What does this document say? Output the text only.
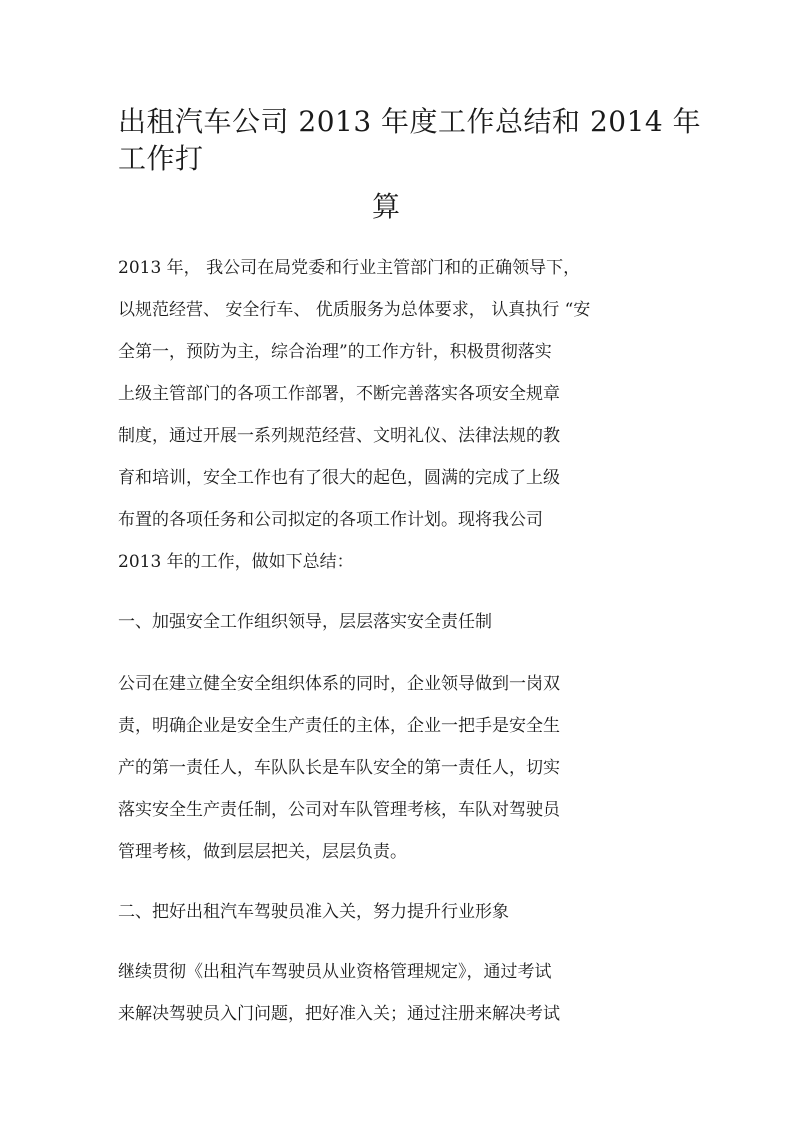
出租汽车公司 2013 年度工作总结和 2014 年
工作打
算
2013 年， 我公司在局党委和行业主管部门和的正确领导下，
以规范经营、 安全行车、 优质服务为总体要求， 认真执行 “安
全第一，预防为主，综合治理”的工作方针，积极贯彻落实
上级主管部门的各项工作部署，不断完善落实各项安全规章
制度，通过开展一系列规范经营、文明礼仪、法律法规的教
育和培训，安全工作也有了很大的起色，圆满的完成了上级
布置的各项任务和公司拟定的各项工作计划。现将我公司
2013 年的工作，做如下总结：
一、加强安全工作组织领导，层层落实安全责任制
公司在建立健全安全组织体系的同时，企业领导做到一岗双
责，明确企业是安全生产责任的主体，企业一把手是安全生
产的第一责任人，车队队长是车队安全的第一责任人，切实
落实安全生产责任制，公司对车队管理考核，车队对驾驶员
管理考核，做到层层把关，层层负责。
二、把好出租汽车驾驶员准入关，努力提升行业形象
继续贯彻《出租汽车驾驶员从业资格管理规定》，通过考试
来解决驾驶员入门问题，把好准入关；通过注册来解决考试
